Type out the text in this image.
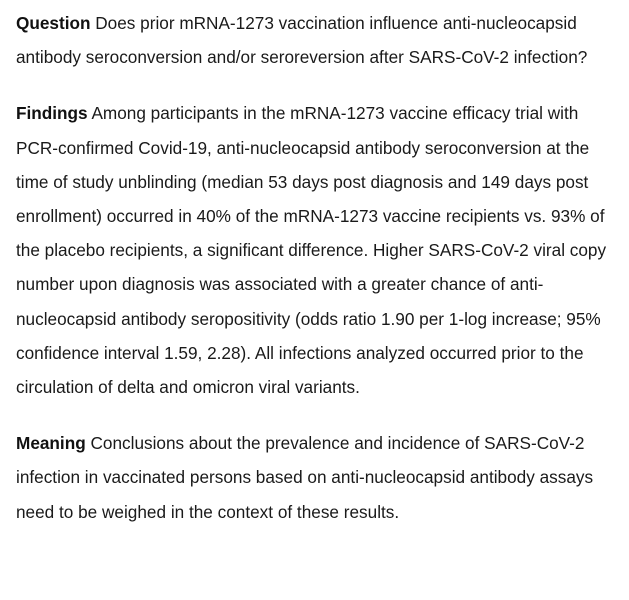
Question Does prior mRNA-1273 vaccination influence anti-nucleocapsid antibody seroconversion and/or seroreversion after SARS-CoV-2 infection?

Findings Among participants in the mRNA-1273 vaccine efficacy trial with PCR-confirmed Covid-19, anti-nucleocapsid antibody seroconversion at the time of study unblinding (median 53 days post diagnosis and 149 days post enrollment) occurred in 40% of the mRNA-1273 vaccine recipients vs. 93% of the placebo recipients, a significant difference. Higher SARS-CoV-2 viral copy number upon diagnosis was associated with a greater chance of anti-nucleocapsid antibody seropositivity (odds ratio 1.90 per 1-log increase; 95% confidence interval 1.59, 2.28). All infections analyzed occurred prior to the circulation of delta and omicron viral variants.

Meaning Conclusions about the prevalence and incidence of SARS-CoV-2 infection in vaccinated persons based on anti-nucleocapsid antibody assays need to be weighed in the context of these results.
